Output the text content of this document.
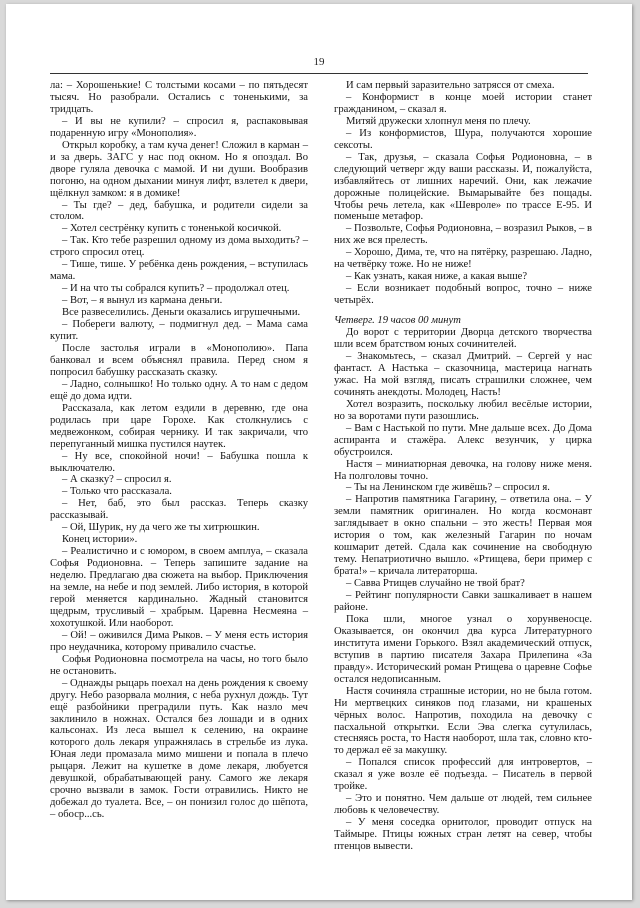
19

ла: – Хорошенькие! С толстыми косами – по пятьдесят тысяч. Но разобрали. Остались с тоненькими, за тридцать.

– И вы не купили? – спросил я, распаковывая подаренную игру «Монополия».

Открыл коробку, а там куча денег! Сложил в карман – и за дверь. ЗАГС у нас под окном. Но я опоздал. Во дворе гуляла девочка с мамой. И ни души. Вообразив погоню, на одном дыхании минуя лифт, взлетел к двери, щёлкнул замком: я в домике!

– Ты где? – дед, бабушка, и родители сидели за столом.

– Хотел сестрёнку купить с тоненькой косичкой.

– Так. Кто тебе разрешил одному из дома выходить? – строго спросил отец.

– Тише, тише. У ребёнка день рождения, – вступилась мама.

– И на что ты собрался купить? – продолжал отец.

– Вот, – я вынул из кармана деньги.

Все развеселились. Деньги оказались игрушечными.

– Побереги валюту, – подмигнул дед. – Мама сама купит.

После застолья играли в «Монополию». Папа банковал и всем объяснял правила. Перед сном я попросил бабушку рассказать сказку.

– Ладно, солнышко! Но только одну. А то нам с дедом ещё до дома идти.

Рассказала, как летом ездили в деревню, где она родилась при царе Горохе. Как столкнулись с медвежонком, собирая чернику. И так закричали, что перепуганный мишка пустился наутек.

– Ну все, спокойной ночи! – Бабушка пошла к выключателю.

– А сказку? – спросил я.

– Только что рассказала.

– Нет, баб, это был рассказ. Теперь сказку рассказывай.

– Ой, Шурик, ну да чего же ты хитрюшкин.

Конец истории».

– Реалистично и с юмором, в своем амплуа, – сказала Софья Родионовна. – Теперь запишите задание на неделю. Предлагаю два сюжета на выбор. Приключения на земле, на небе и под землей. Либо история, в которой герой меняется кардинально. Жадный становится щедрым, трусливый – храбрым. Царевна Несмеяна – хохотушкой. Или наоборот.

– Ой! – оживился Дима Рыков. – У меня есть история про неудачника, которому привалило счастье.

Софья Родионовна посмотрела на часы, но того было не остановить.

– Однажды рыцарь поехал на день рождения к своему другу. Небо разорвала молния, с неба рухнул дождь. Тут ещё разбойники преградили путь. Как назло меч заклинило в ножнах. Остался без лошади и в одних кальсонах. Из леса вышел к селению, на окраине которого доль лекаря упражнялась в стрельбе из лука. Юная леди промазала мимо мишени и попала в плечо рыцаря. Лежит на кушетке в доме лекаря, любуется девушкой, обрабатывающей рану. Самого же лекаря срочно вызвали в замок. Гости отравились. Никто не добежал до туалета. Все, – он понизил голос до шёпота, – обоср...сь.

И сам первый заразительно затрясся от смеха.

– Конформист в конце моей истории станет гражданином, – сказал я.

Митяй дружески хлопнул меня по плечу.

– Из конформистов, Шура, получаются хорошие сексоты.

– Так, друзья, – сказала Софья Родионовна, – в следующий четверг жду ваши рассказы. И, пожалуйста, избавляйтесь от лишних наречий. Они, как лежачие дорожные полицейские. Вымарывайте без пощады. Чтобы речь летела, как «Шевроле» по трассе Е-95. И поменьше метафор.

– Позвольте, Софья Родионовна, – возразил Рыков, – в них же вся прелесть.

– Хорошо, Дима, те, что на пятёрку, разрешаю. Ладно, на четвёрку тоже. Но не ниже!

– Как узнать, какая ниже, а какая выше?

– Если возникает подобный вопрос, точно – ниже четырёх.

Четверг. 19 часов 00 минут

До ворот с территории Дворца детского творчества шли всем братством юных сочинителей.

– Знакомьтесь, – сказал Дмитрий. – Сергей у нас фантаст. А Настька – сказочница, мастерица нагнать ужас. На мой взгляд, писать страшилки сложнее, чем сочинять анекдоты. Молодец, Насть!

Хотел возразить, поскольку любил весёлые истории, но за воротами пути разошлись.

– Вам с Настькой по пути. Мне дальше всех. До Дома аспиранта и стажёра. Алекс везунчик, у цирка обустроился.

Настя – миниатюрная девочка, на голову ниже меня. На полголовы точно.

– Ты на Ленинском где живёшь? – спросил я.

– Напротив памятника Гагарину, – ответила она. – У земли памятник оригинален. Но когда космонавт заглядывает в окно спальни – это жесть! Первая моя история о том, как железный Гагарин по ночам кошмарит детей. Сдала как сочинение на свободную тему. Непатриотично вышло. «Ртищева, бери пример с брата!» – кричала литераторша.

– Савва Ртищев случайно не твой брат?

– Рейтинг популярности Савки зашкаливает в нашем районе.

Пока шли, многое узнал о хорунвеносце. Оказывается, он окончил два курса Литературного института имени Горького. Взял академический отпуск, вступив в партию писателя Захара Прилепина «За правду». Исторический роман Ртищева о царевне Софье остался недописанным.

Настя сочиняла страшные истории, но не была готом. Ни мертвецких синяков под глазами, ни крашеных чёрных волос. Напротив, походила на девочку с пасхальной открытки. Если Эва слегка сутулилась, стесняясь роста, то Настя наоборот, шла так, словно кто-то держал её за макушку.

– Попался список профессий для интровертов, – сказал я уже возле её подъезда. – Писатель в первой тройке.

– Это и понятно. Чем дальше от людей, тем сильнее любовь к человечеству.

– У меня соседка орнитолог, проводит отпуск на Таймыре. Птицы южных стран летят на север, чтобы птенцов вывести.
